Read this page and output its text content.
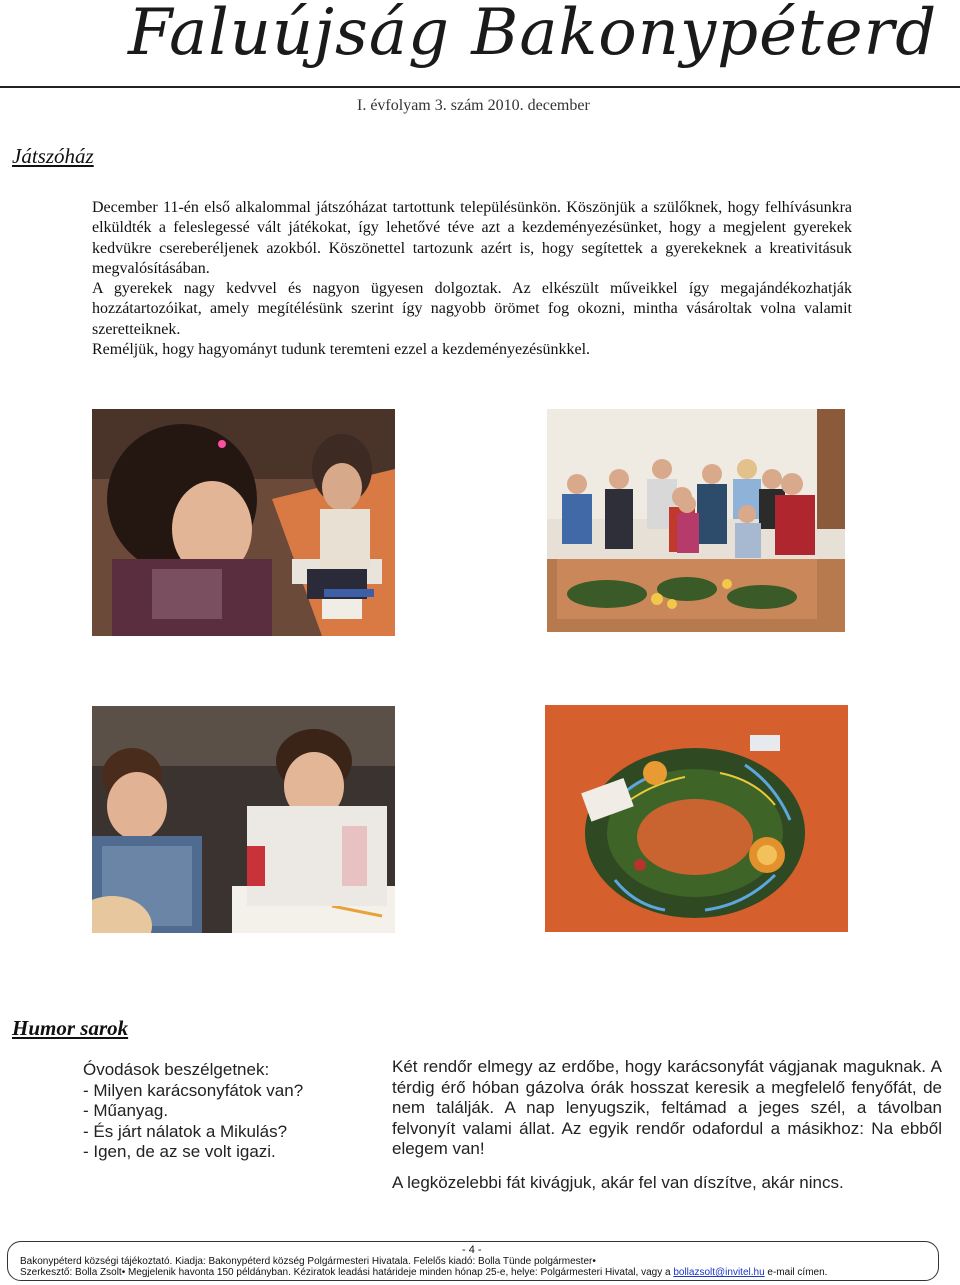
Faluújság Bakonypéterd
I. évfolyam 3. szám 2010. december
Játszóház

December 11-én első alkalommal játszóházat tartottunk településünkön. Köszönjük a szülőknek, hogy felhívásunkra elküldték a feleslegessé vált játékokat, így lehetővé téve azt a kezdeményezésünket, hogy a megjelent gyerekek kedvükre csereberéljenek azokból. Köszönettel tartozunk azért is, hogy segítettek a gyerekeknek a kreativitásuk megvalósításában.

A gyerekek nagy kedvvel és nagyon ügyesen dolgoztak. Az elkészült műveikkel így megajándékozhatják hozzátartozóikat, amely megítélésünk szerint így nagyobb örömet fog okozni, mintha vásároltak volna valamit szeretteiknek.

Reméljük, hogy hagyományt tudunk teremteni ezzel a kezdeményezésünkkel.

Humor sarok
Óvodások beszélgetnek:
- Milyen karácsonyfátok van?
- Műanyag.
- És járt nálatok a Mikulás?
- Igen, de az se volt igazi.

Két rendőr elmegy az erdőbe, hogy karácsonyfát vágjanak maguknak. A térdig érő hóban gázolva órák hosszat keresik a megfelelő fenyőfát, de nem találják. A nap lenyugszik, feltámad a jeges szél, a távolban felvonyít valami állat. Az egyik rendőr odafordul a másikhoz: Na ebből elegem van!

A legközelebbi fát kivágjuk, akár fel van díszítve, akár nincs.

- 4 -
Bakonypéterd községi tájékoztató. Kiadja: Bakonypéterd község Polgármesteri Hivatala. Felelős kiadó: Bolla Tünde polgármester•
Szerkesztő: Bolla Zsolt• Megjelenik havonta 150 példányban. Kéziratok leadási határideje minden hónap 25-e, helye: Polgármesteri Hivatal, vagy a bollazsolt@invitel.hu e-mail címen.
